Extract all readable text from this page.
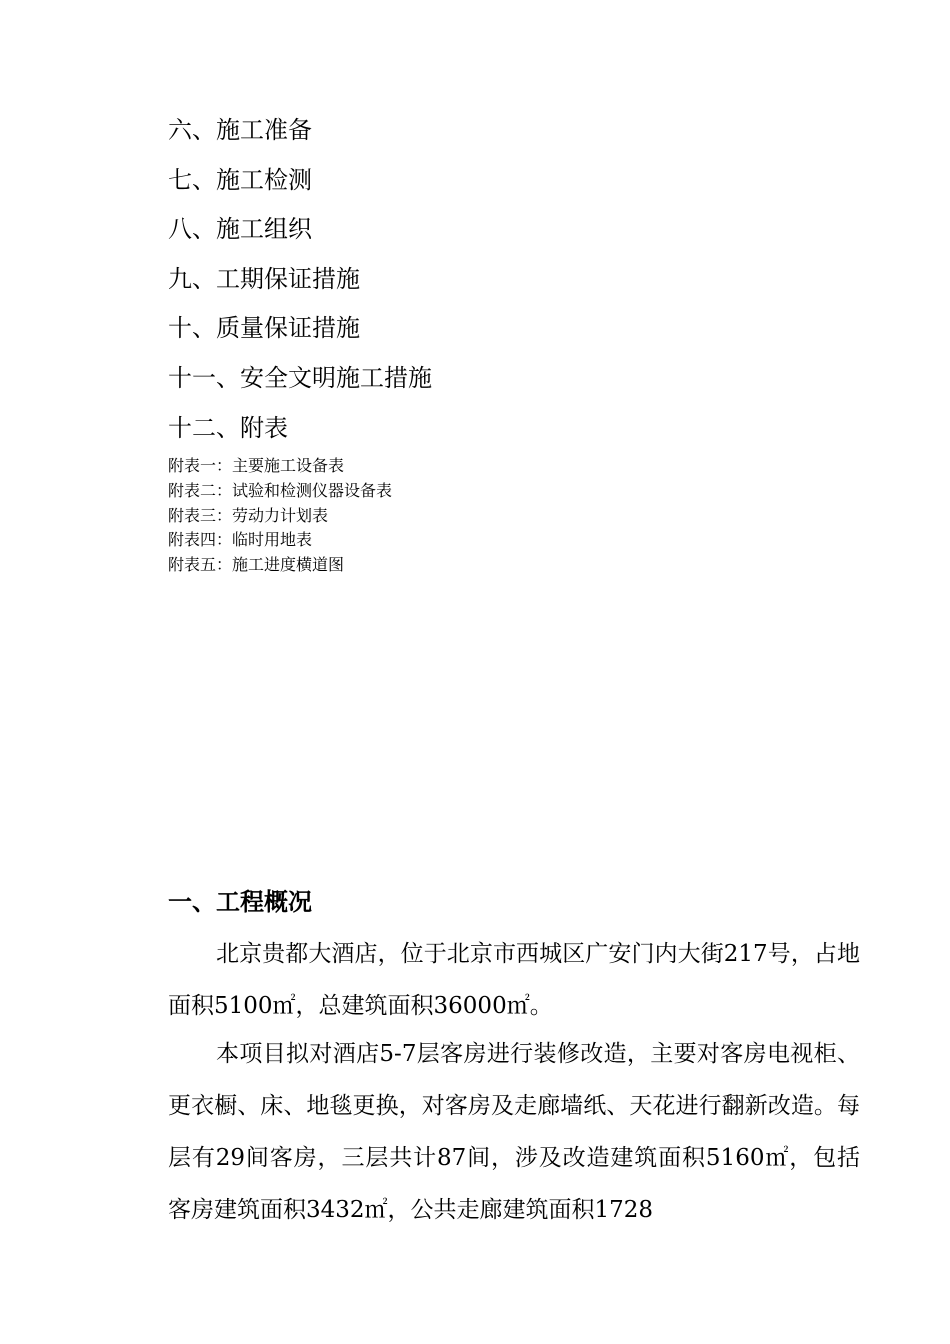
六、施工准备
七、施工检测
八、施工组织
九、工期保证措施
十、质量保证措施
十一、安全文明施工措施
十二、附表
附表一：主要施工设备表
附表二：试验和检测仪器设备表
附表三：劳动力计划表
附表四：临时用地表
附表五：施工进度横道图
一、工程概况
北京贵都大酒店，位于北京市西城区广安门内大街217号，占地面积5100㎡，总建筑面积36000㎡。
本项目拟对酒店5-7层客房进行装修改造，主要对客房电视柜、更衣橱、床、地毯更换，对客房及走廊墙纸、天花进行翻新改造。每层有29间客房，三层共计87间，涉及改造建筑面积5160㎡，包括客房建筑面积3432㎡，公共走廊建筑面积1728
